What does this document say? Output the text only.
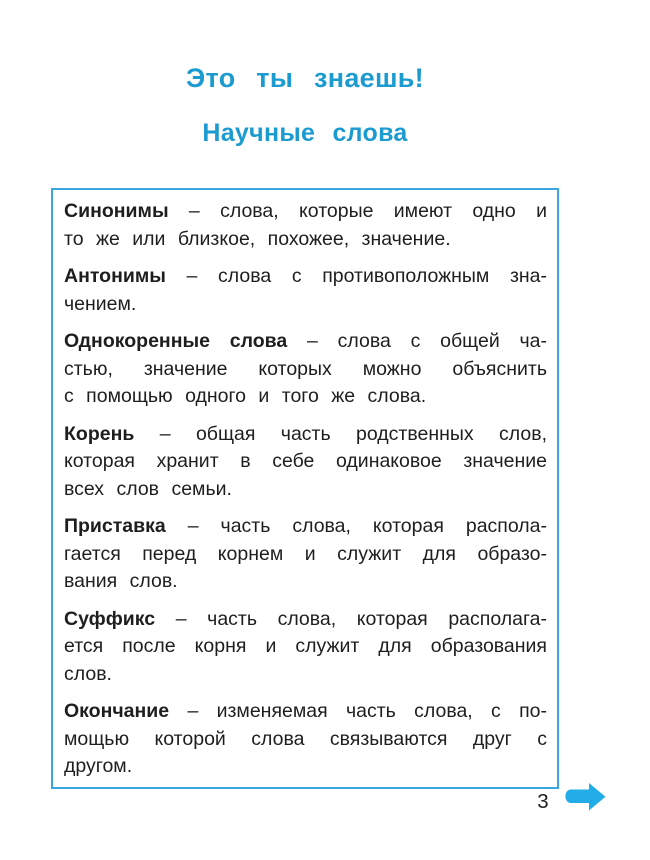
Это ты знаешь!
Научные слова

Синонимы – слова, которые имеют одно и
то же или близкое, похожее, значение.

Антонимы – слова с противоположным зна-
чением.

Однокоренные слова – слова с общей ча-
стью, значение которых можно объяснить
с помощью одного и того же слова.

Корень – общая часть родственных слов,
которая хранит в себе одинаковое значение
всех слов семьи.

Приставка – часть слова, которая распола-
гается перед корнем и служит для образо-
вания слов.

Суффикс – часть слова, которая располага-
ется после корня и служит для образования
слов.

Окончание – изменяемая часть слова, с по-
мощью которой слова связываются друг с
другом.

3
